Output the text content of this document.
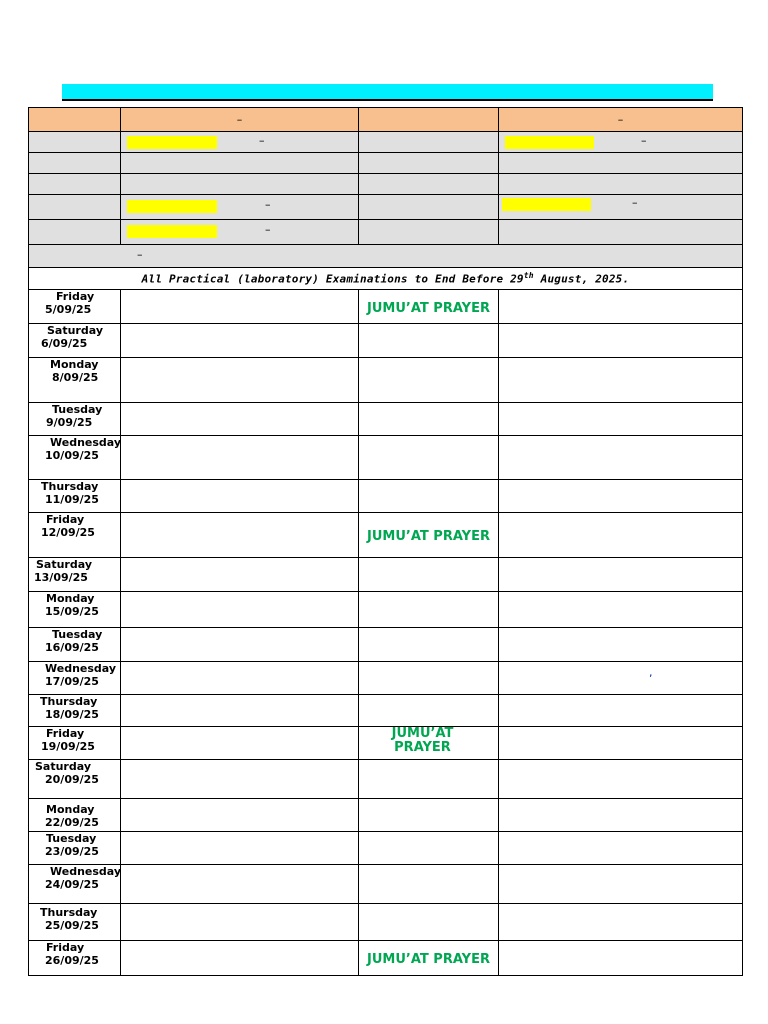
	–		–

	–		–

	–		–

	–		

–			

All Practical (laboratory) Examinations to End Before 29th August, 2025.			

Friday
5/09/25		JUMU’AT PRAYER	

Saturday
6/09/25			

Monday
8/09/25			

Tuesday
9/09/25			

Wednesday
10/09/25			

Thursday
11/09/25			

Friday
12/09/25		JUMU’AT PRAYER	

Saturday
13/09/25			

Monday
15/09/25			

Tuesday
16/09/25			

Wednesday
17/09/25			,

Thursday
18/09/25			

Friday
19/09/25		JUMU’AT
PRAYER	

Saturday
20/09/25			

Monday
22/09/25			

Tuesday
23/09/25			

Wednesday
24/09/25			

Thursday
25/09/25			

Friday
26/09/25		JUMU’AT PRAYER	
